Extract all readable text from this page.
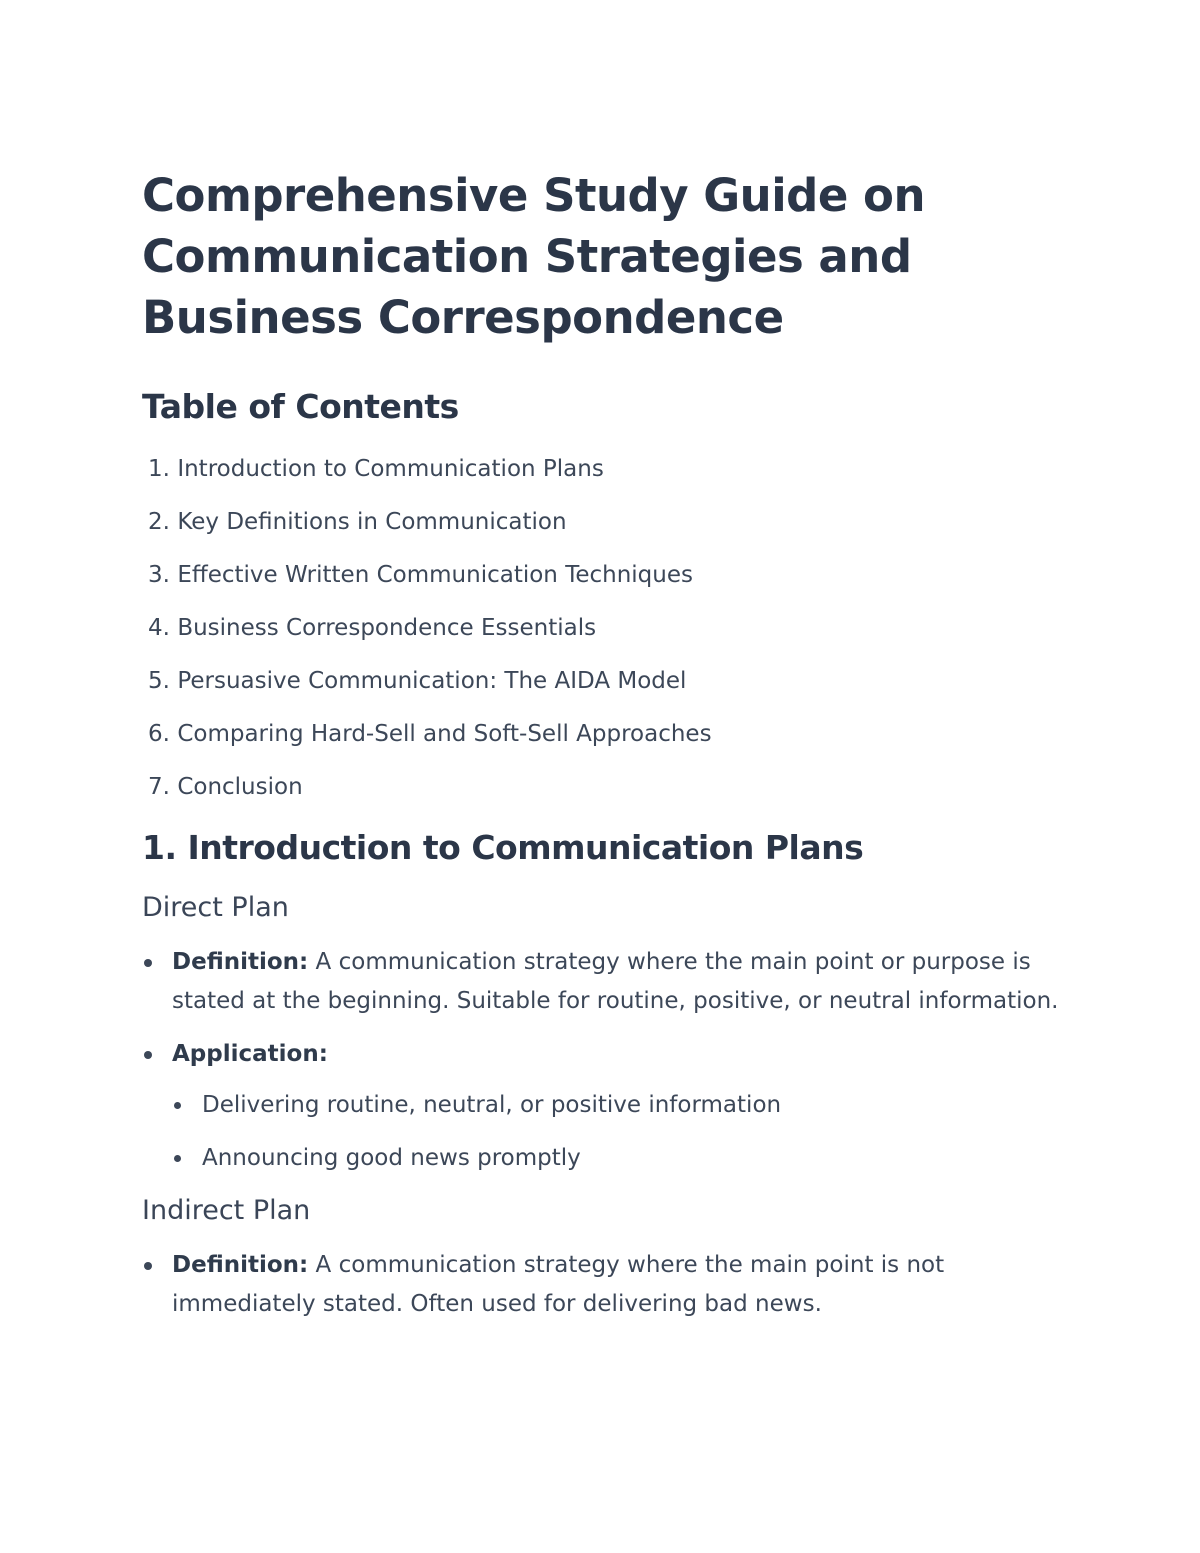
Comprehensive Study Guide on Communication Strategies and Business Correspondence
Table of Contents
1. Introduction to Communication Plans
2. Key Definitions in Communication
3. Effective Written Communication Techniques
4. Business Correspondence Essentials
5. Persuasive Communication: The AIDA Model
6. Comparing Hard-Sell and Soft-Sell Approaches
7. Conclusion
1. Introduction to Communication Plans
Direct Plan
Definition: A communication strategy where the main point or purpose is stated at the beginning. Suitable for routine, positive, or neutral information.
Application:
Delivering routine, neutral, or positive information
Announcing good news promptly
Indirect Plan
Definition: A communication strategy where the main point is not immediately stated. Often used for delivering bad news.
